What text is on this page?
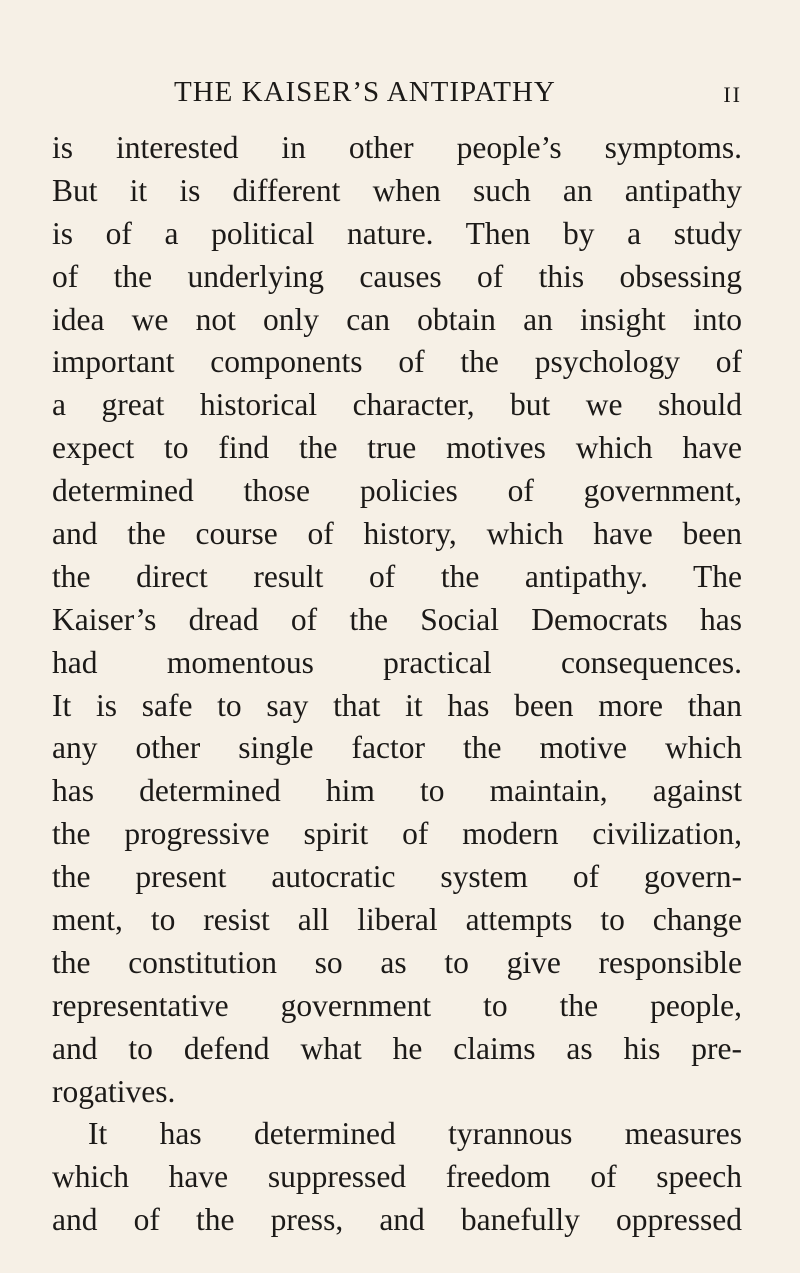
THE KAISER’S ANTIPATHY	II
is interested in other people’s symptoms.
But it is different when such an antipathy
is of a political nature. Then by a study
of the underlying causes of this obsessing
idea we not only can obtain an insight into
important components of the psychology of
a great historical character, but we should
expect to find the true motives which have
determined those policies of government,
and the course of history, which have been
the direct result of the antipathy. The
Kaiser’s dread of the Social Democrats has
had momentous practical consequences.
It is safe to say that it has been more than
any other single factor the motive which
has determined him to maintain, against
the progressive spirit of modern civilization,
the present autocratic system of govern-
ment, to resist all liberal attempts to change
the constitution so as to give responsible
representative government to the people,
and to defend what he claims as his pre-
rogatives.
It has determined tyrannous measures
which have suppressed freedom of speech
and of the press, and banefully oppressed
